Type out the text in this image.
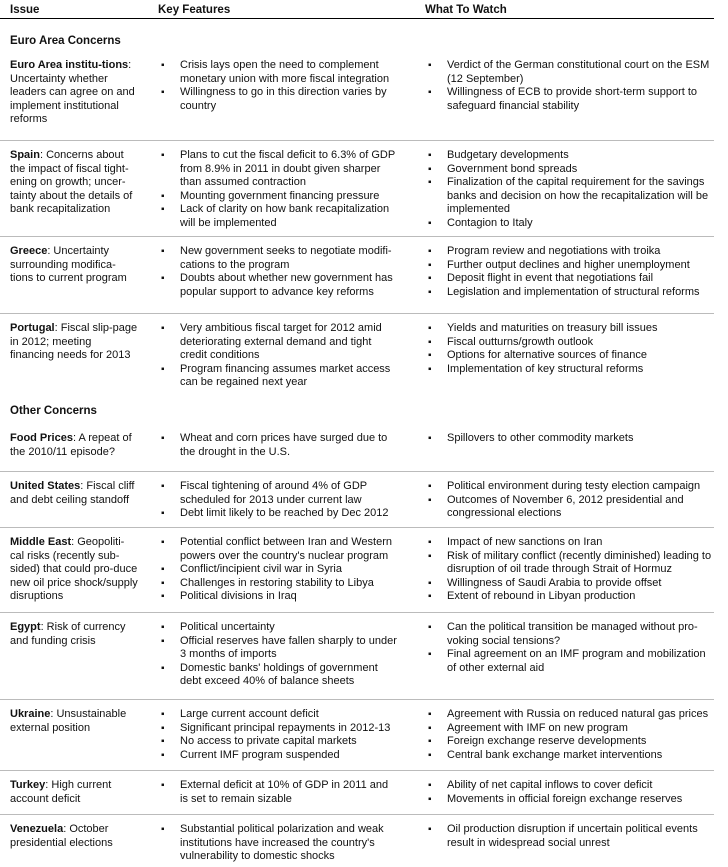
Issue	Key Features	What To Watch
Euro Area Concerns
Other Concerns
Euro Area institu-tions: Uncertainty whether leaders can agree on and implement institutional reforms
▪ Crisis lays open the need to complement monetary union with more fiscal integration
▪ Willingness to go in this direction varies by country
▪ Verdict of the German constitutional court on the ESM (12 September)
▪ Willingness of ECB to provide short-term support to safeguard financial stability
Spain: Concerns about the impact of fiscal tight-ening on growth; uncer-tainty about the details of bank recapitalization
▪ Plans to cut the fiscal deficit to 6.3% of GDP from 8.9% in 2011 in doubt given sharper than assumed contraction
▪ Mounting government financing pressure
▪ Lack of clarity on how bank recapitalization will be implemented
▪ Budgetary developments
▪ Government bond spreads
▪ Finalization of the capital requirement for the savings banks and decision on how the recapitalization will be implemented
▪ Contagion to Italy
Greece: Uncertainty surrounding modifica-tions to current program
▪ New government seeks to negotiate modifi-cations to the program
▪ Doubts about whether new government has popular support to advance key reforms
▪ Program review and negotiations with troika
▪ Further output declines and higher unemployment
▪ Deposit flight in event that negotiations fail
▪ Legislation and implementation of structural reforms
Portugal: Fiscal slip-page in 2012; meeting financing needs for 2013
▪ Very ambitious fiscal target for 2012 amid deteriorating external demand and tight credit conditions
▪ Program financing assumes market access can be regained next year
▪ Yields and maturities on treasury bill issues
▪ Fiscal outturns/growth outlook
▪ Options for alternative sources of finance
▪ Implementation of key structural reforms
Food Prices: A repeat of the 2010/11 episode?
▪ Wheat and corn prices have surged due to the drought in the U.S.
▪ Spillovers to other commodity markets
United States: Fiscal cliff and debt ceiling standoff
▪ Fiscal tightening of around 4% of GDP scheduled for 2013 under current law
▪ Debt limit likely to be reached by Dec 2012
▪ Political environment during testy election campaign
▪ Outcomes of November 6, 2012 presidential and congressional elections
Middle East: Geopoliti-cal risks (recently sub-sided) that could pro-duce new oil price shock/supply disruptions
▪ Potential conflict between Iran and Western powers over the country's nuclear program
▪ Conflict/incipient civil war in Syria
▪ Challenges in restoring stability to Libya
▪ Political divisions in Iraq
▪ Impact of new sanctions on Iran
▪ Risk of military conflict (recently diminished) leading to disruption of oil trade through Strait of Hormuz
▪ Willingness of Saudi Arabia to provide offset
▪ Extent of rebound in Libyan production
Egypt: Risk of currency and funding crisis
▪ Political uncertainty
▪ Official reserves have fallen sharply to under 3 months of imports
▪ Domestic banks' holdings of government debt exceed 40% of balance sheets
▪ Can the political transition be managed without pro-voking social tensions?
▪ Final agreement on an IMF program and mobilization of other external aid
Ukraine: Unsustainable external position
▪ Large current account deficit
▪ Significant principal repayments in 2012-13
▪ No access to private capital markets
▪ Current IMF program suspended
▪ Agreement with Russia on reduced natural gas prices
▪ Agreement with IMF on new program
▪ Foreign exchange reserve developments
▪ Central bank exchange market interventions
Turkey: High current account deficit
▪ External deficit at 10% of GDP in 2011 and is set to remain sizable
▪ Ability of net capital inflows to cover deficit
▪ Movements in official foreign exchange reserves
Venezuela: October presidential elections
▪ Substantial political polarization and weak institutions have increased the country's vulnerability to domestic shocks
▪ Oil production disruption if uncertain political events result in widespread social unrest
